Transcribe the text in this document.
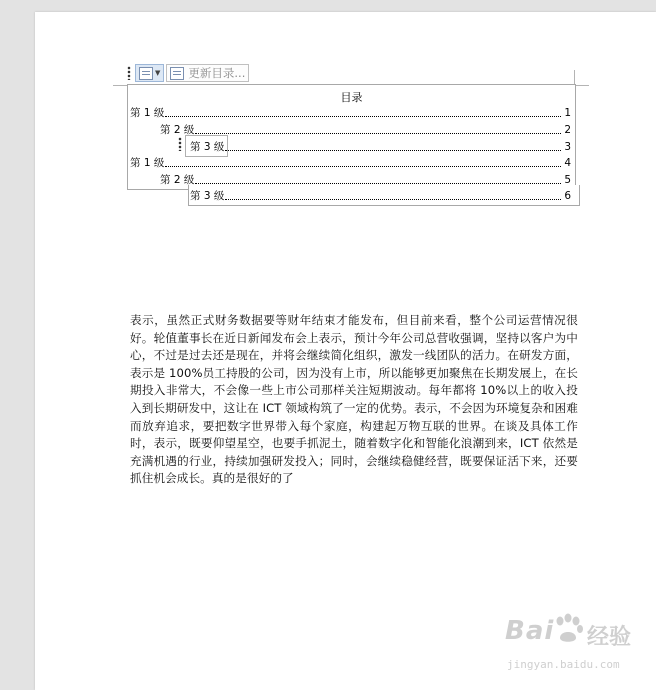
▼ 更新目录...
目录
第 1 级	1
第 2 级	2
第 3 级	3
第 1 级	4
第 2 级	5
第 3 级	6
表示，虽然正式财务数据要等财年结束才能发布，但目前来看，整个公司运营情况很好。轮值董事长在近日新闻发布会上表示，预计今年公司总营收强调，坚持以客户为中心，不过是过去还是现在，并将会继续简化组织，激发一线团队的活力。在研发方面，表示是 100%员工持股的公司，因为没有上市，所以能够更加聚焦在长期发展上，在长期投入非常大，不会像一些上市公司那样关注短期波动。每年都将 10%以上的收入投入到长期研发中，这让在 ICT 领域构筑了一定的优势。表示，不会因为环境复杂和困难而放弃追求，要把数字世界带入每个家庭，构建起万物互联的世界。在谈及具体工作时，表示，既要仰望星空，也要手抓泥土，随着数字化和智能化浪潮到来，ICT 依然是充满机遇的行业，持续加强研发投入；同时，会继续稳健经营，既要保证活下来，还要抓住机会成长。真的是很好的了
Bai 经验
jingyan.baidu.com
